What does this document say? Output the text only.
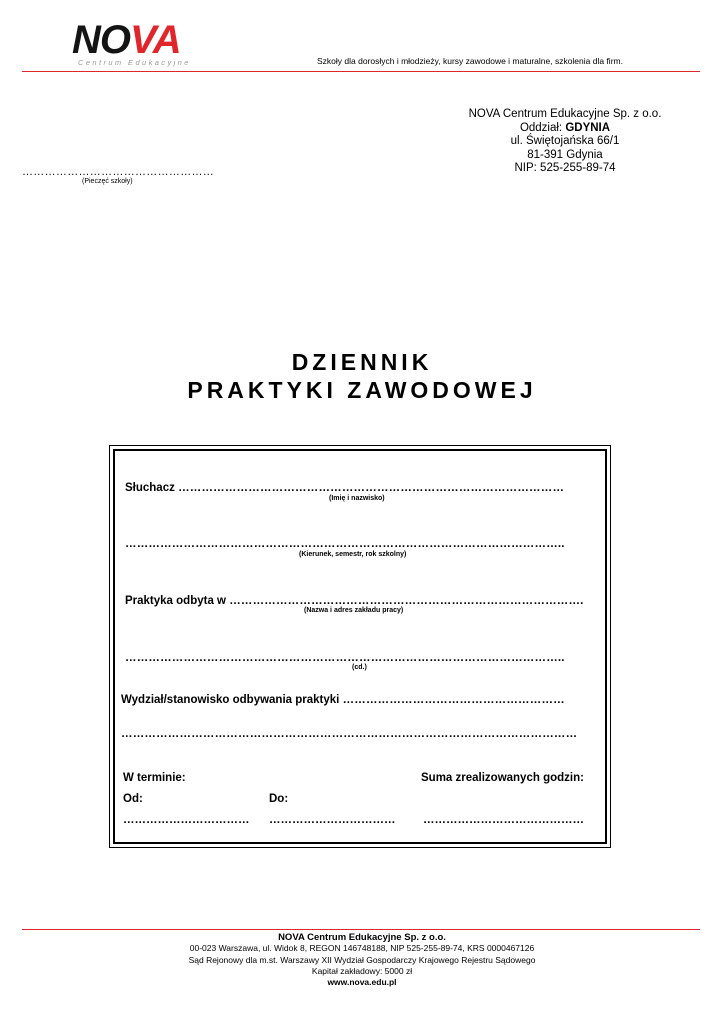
NOVA
Centrum Edukacyjne	Szkoły dla dorosłych i młodzieży, kursy zawodowe i maturalne, szkolenia dla firm.
NOVA Centrum Edukacyjne Sp. z o.o.
Oddział: GDYNIA
ul. Świętojańska 66/1
81-391 Gdynia
NIP: 525-255-89-74
……………………………………………
(Pieczęć szkoły)
DZIENNIK
PRAKTYKI ZAWODOWEJ
Słuchacz ………………………………………………………………………………………
(Imię i nazwisko)
…………………………………………………………………………………………………..
(Kierunek, semestr, rok szkolny)
Praktyka odbyta w ……………………………………………………………………………….
(Nazwa i adres zakładu pracy)
…………………………………………………………………………………………………..
(cd.)
Wydział/stanowisko odbywania praktyki …………………………………………………
………………………………………………………………………………………………………
W terminie:	Suma zrealizowanych godzin:
Od:	Do:
…………………………… …………………………… ……………………………………
NOVA Centrum Edukacyjne Sp. z o.o.
00-023 Warszawa, ul. Widok 8, REGON 146748188, NIP 525-255-89-74, KRS 0000467126
Sąd Rejonowy dla m.st. Warszawy XII Wydział Gospodarczy Krajowego Rejestru Sądowego
Kapitał zakładowy: 5000 zł
www.nova.edu.pl
